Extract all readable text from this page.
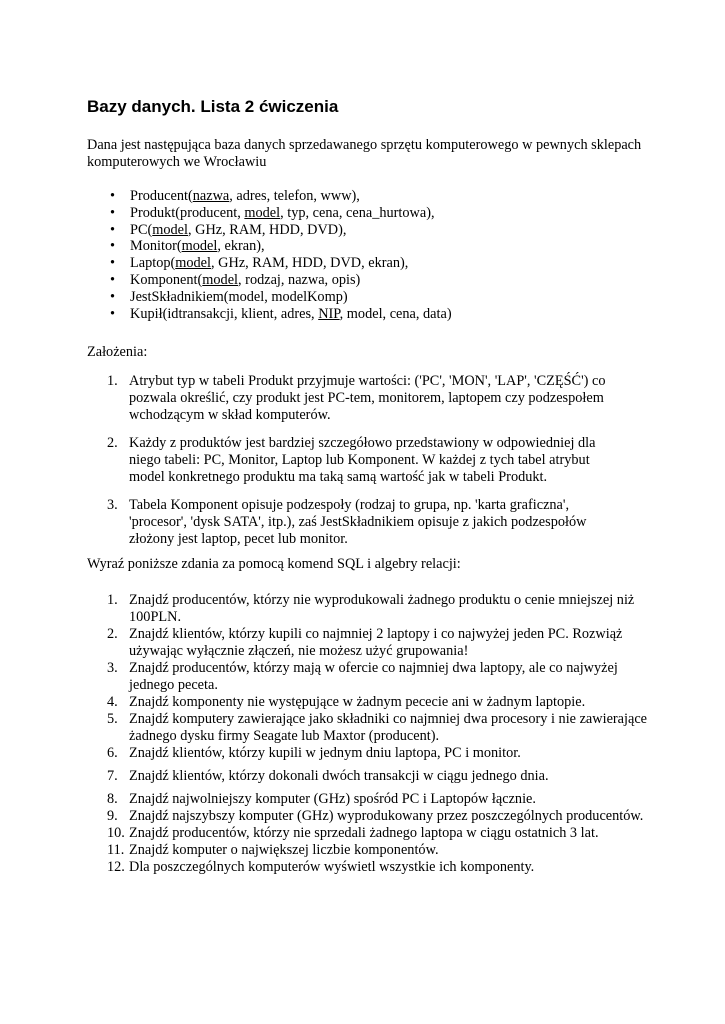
Bazy danych. Lista 2 ćwiczenia

Dana jest następująca baza danych sprzedawanego sprzętu komputerowego w pewnych sklepach komputerowych we Wrocławiu

• Producent(nazwa, adres, telefon, www),
• Produkt(producent, model, typ, cena, cena_hurtowa),
• PC(model, GHz, RAM, HDD, DVD),
• Monitor(model, ekran),
• Laptop(model, GHz, RAM, HDD, DVD, ekran),
• Komponent(model, rodzaj, nazwa, opis)
• JestSkładnikiem(model, modelKomp)
• Kupił(idtransakcji, klient, adres, NIP, model, cena, data)

Założenia:

1. Atrybut typ w tabeli Produkt przyjmuje wartości: ('PC', 'MON', 'LAP', 'CZĘŚĆ') co pozwala określić, czy produkt jest PC-tem, monitorem, laptopem czy podzespołem wchodzącym w skład komputerów.
2. Każdy z produktów jest bardziej szczegółowo przedstawiony w odpowiedniej dla niego tabeli: PC, Monitor, Laptop lub Komponent. W każdej z tych tabel atrybut model konkretnego produktu ma taką samą wartość jak w tabeli Produkt.
3. Tabela Komponent opisuje podzespoły (rodzaj to grupa, np. 'karta graficzna', 'procesor', 'dysk SATA', itp.), zaś JestSkładnikiem opisuje z jakich podzespołów złożony jest laptop, pecet lub monitor.

Wyraź poniższe zdania za pomocą komend SQL i algebry relacji:

1. Znajdź producentów, którzy nie wyprodukowali żadnego produktu o cenie mniejszej niż 100PLN.
2. Znajdź klientów, którzy kupili co najmniej 2 laptopy i co najwyżej jeden PC. Rozwiąż używając wyłącznie złączeń, nie możesz użyć grupowania!
3. Znajdź producentów, którzy mają w ofercie co najmniej dwa laptopy, ale co najwyżej jednego peceta.
4. Znajdź komponenty nie występujące w żadnym pececie ani w żadnym laptopie.
5. Znajdź komputery zawierające jako składniki co najmniej dwa procesory i nie zawierające żadnego dysku firmy Seagate lub Maxtor (producent).
6. Znajdź klientów, którzy kupili w jednym dniu laptopa, PC i monitor.
7. Znajdź klientów, którzy dokonali dwóch transakcji w ciągu jednego dnia.
8. Znajdź najwolniejszy komputer (GHz) spośród PC i Laptopów łącznie.
9. Znajdź najszybszy komputer (GHz) wyprodukowany przez poszczególnych producentów.
10. Znajdź producentów, którzy nie sprzedali żadnego laptopa w ciągu ostatnich 3 lat.
11. Znajdź komputer o największej liczbie komponentów.
12. Dla poszczególnych komputerów wyświetl wszystkie ich komponenty.
